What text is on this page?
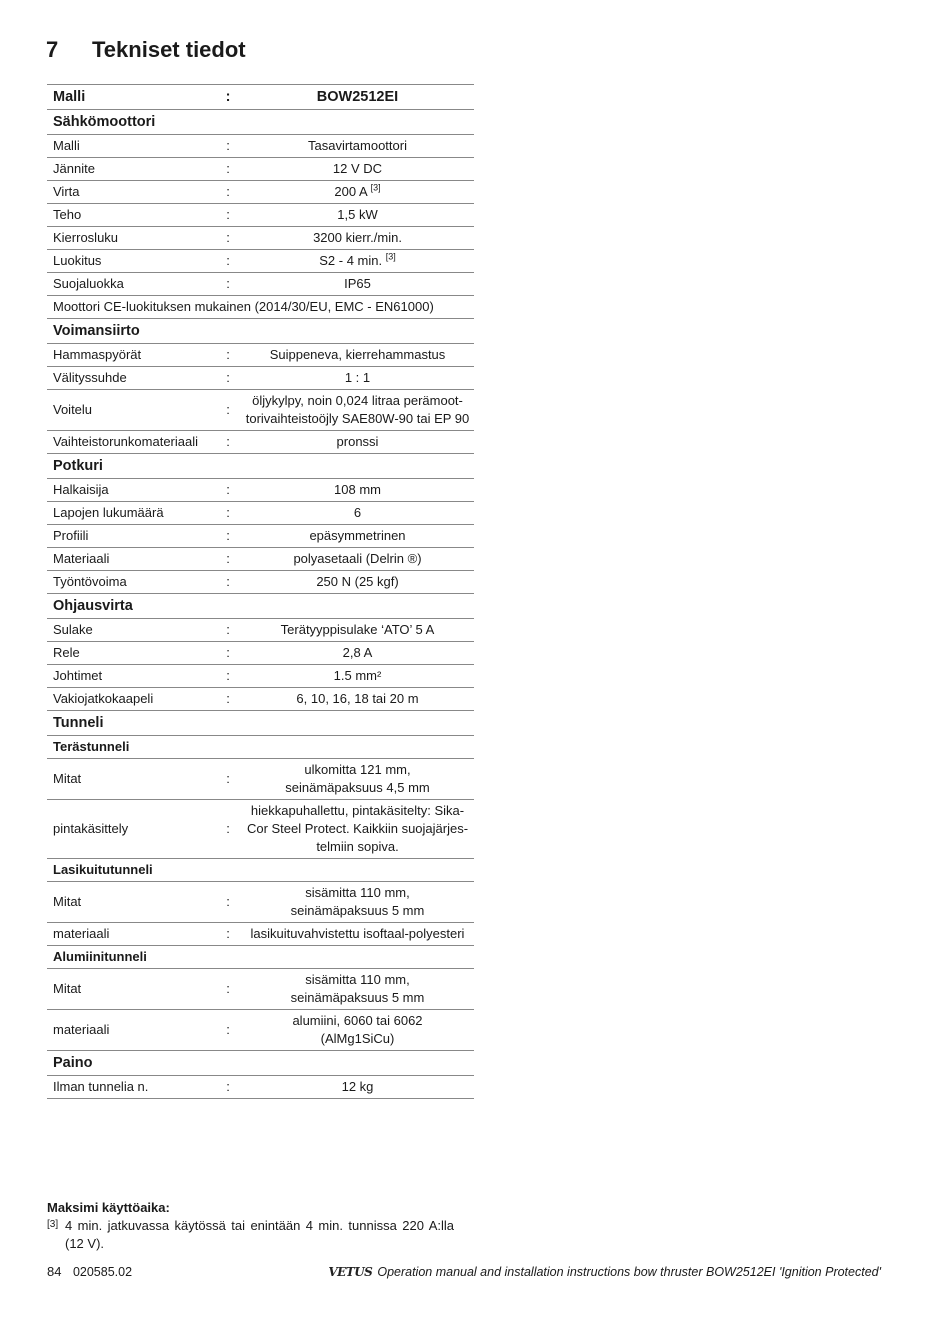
7	Tekniset tiedot
Malli	:	BOW2512EI
Sähkömoottori		
Malli	:	Tasavirtamoottori
Jännite	:	12 V DC
Virta	:	200 A [3]
Teho	:	1,5 kW
Kierrosluku	:	3200 kierr./min.
Luokitus	:	S2 - 4 min. [3]
Suojaluokka	:	IP65
Moottori CE-luokituksen mukainen (2014/30/EU, EMC - EN61000)		
Voimansiirto		
Hammaspyörät	:	Suippeneva, kierrehammastus
Välityssuhde	:	1 : 1
Voitelu	:	öljykylpy, noin 0,024 litraa perämoot-
torivaihteistoöjly SAE80W-90 tai EP 90

Vaihteistorunkomateriaali	:	pronssi
Potkuri		
Halkaisija	:	108 mm
Lapojen lukumäärä	:	6
Profiili	:	epäsymmetrinen
Materiaali	:	polyasetaali (Delrin ®)
Työntövoima	:	250 N (25 kgf)
Ohjausvirta		
Sulake	:	Terätyyppisulake ‘ATO’ 5 A
Rele	:	2,8 A
Johtimet	:	1.5 mm²
Vakiojatkokaapeli	:	6, 10, 16, 18 tai 20 m
Tunneli		
Terästunneli		
Mitat	:	ulkomitta 121 mm,
seinämäpaksuus 4,5 mm

pintakäsittely	:	hiekkapuhallettu, pintakäsitelty: Sika-
Cor Steel Protect. Kaikkiin suojajärjes-
telmiin sopiva.

Lasikuitutunneli		
Mitat	:	sisämitta 110 mm,
seinämäpaksuus 5 mm

materiaali	:	lasikuituvahvistettu isoftaal-polyesteri
Alumiinitunneli		
Mitat	:	sisämitta 110 mm,
seinämäpaksuus 5 mm

materiaali	:	alumiini, 6060 tai 6062
(AlMg1SiCu)

Paino		
Ilman tunnelia n.	:	12 kg
Maksimi käyttöaika:
[3] 4 min. jatkuvassa käytössä tai enintään 4 min. tunnissa 220 A:lla (12 V).
84 020585.02	VETUS Operation manual and installation instructions bow thruster BOW2512EI 'Ignition Protected'
